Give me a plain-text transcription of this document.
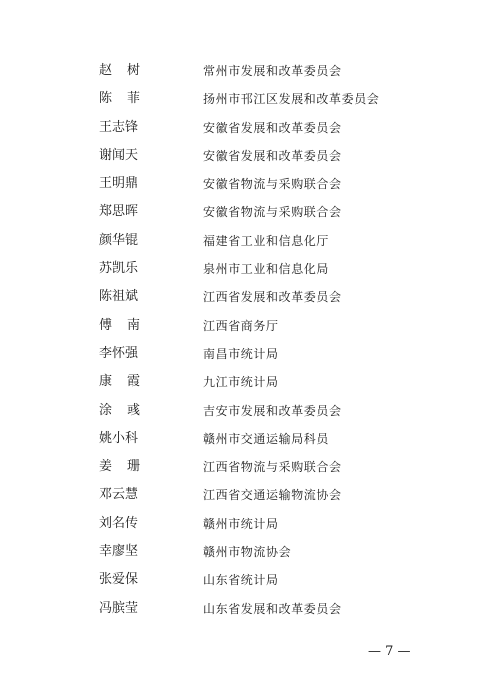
赵 树	常州市发展和改革委员会
陈 菲	扬州市邗江区发展和改革委员会
王志锋	安徽省发展和改革委员会
谢闻天	安徽省发展和改革委员会
王明鼎	安徽省物流与采购联合会
郑思晖	安徽省物流与采购联合会
颜华锟	福建省工业和信息化厅
苏凯乐	泉州市工业和信息化局
陈祖斌	江西省发展和改革委员会
傅 南	江西省商务厅
李怀强	南昌市统计局
康 霞	九江市统计局
涂 彧	吉安市发展和改革委员会
姚小科	赣州市交通运输局科员
姜 珊	江西省物流与采购联合会
邓云慧	江西省交通运输物流协会
刘名传	赣州市统计局
幸廖坚	赣州市物流协会
张爱保	山东省统计局
冯膑莹	山东省发展和改革委员会
— 7 —
